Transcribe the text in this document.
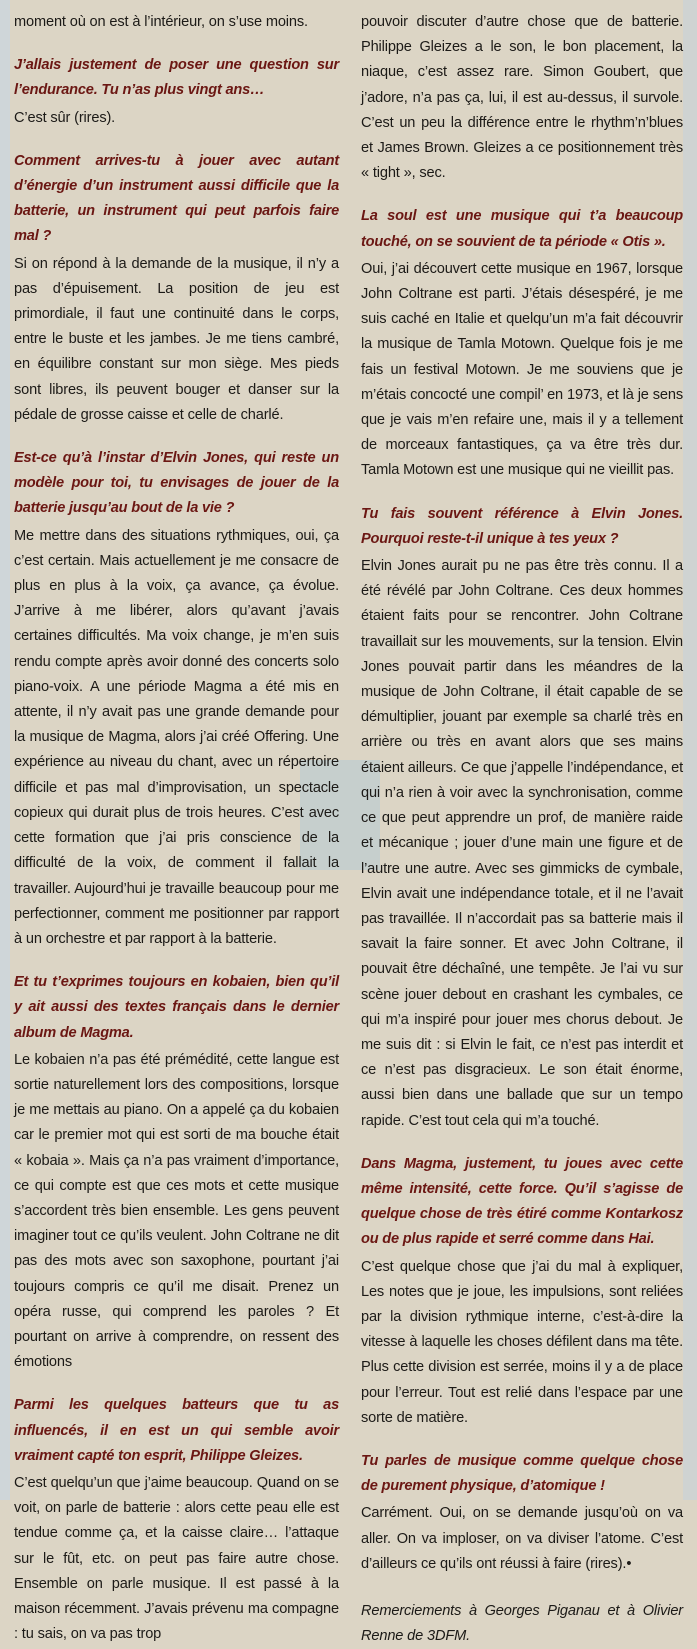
moment où on est à l’intérieur, on s’use moins.

J’allais justement de poser une question sur l’endurance. Tu n’as plus vingt ans…

C’est sûr (rires).

Comment arrives-tu à jouer avec autant d’énergie d’un instrument aussi difficile que la batterie, un instrument qui peut parfois faire mal ?

Si on répond à la demande de la musique, il n’y a pas d’épuisement. La position de jeu est primordiale, il faut une continuité dans le corps, entre le buste et les jambes. Je me tiens cambré, en équilibre constant sur mon siège. Mes pieds sont libres, ils peuvent bouger et danser sur la pédale de grosse caisse et celle de charlé.

Est-ce qu’à l’instar d’Elvin Jones, qui reste un modèle pour toi, tu envisages de jouer de la batterie jusqu’au bout de la vie ?

Me mettre dans des situations rythmiques, oui, ça c’est certain. Mais actuellement je me consacre de plus en plus à la voix, ça avance, ça évolue. J’arrive à me libérer, alors qu’avant j’avais certaines difficultés. Ma voix change, je m’en suis rendu compte après avoir donné des concerts solo piano-voix. A une période Magma a été mis en attente, il n’y avait pas une grande demande pour la musique de Magma, alors j’ai créé Offering. Une expérience au niveau du chant, avec un répertoire difficile et pas mal d’improvisation, un spectacle copieux qui durait plus de trois heures. C’est avec cette formation que j’ai pris conscience de la difficulté de la voix, de comment il fallait la travailler. Aujourd’hui je travaille beaucoup pour me perfectionner, comment me positionner par rapport à un orchestre et par rapport à la batterie.

Et tu t’exprimes toujours en kobaien, bien qu’il y ait aussi des textes français dans le dernier album de Magma.

Le kobaien n’a pas été prémédité, cette langue est sortie naturellement lors des compositions, lorsque je me mettais au piano. On a appelé ça du kobaien car le premier mot qui est sorti de ma bouche était « kobaia ». Mais ça n’a pas vraiment d’importance, ce qui compte est que ces mots et cette musique s’accordent très bien ensemble. Les gens peuvent imaginer tout ce qu’ils veulent. John Coltrane ne dit pas des mots avec son saxophone, pourtant j’ai toujours compris ce qu’il me disait. Prenez un opéra russe, qui comprend les paroles ? Et pourtant on arrive à comprendre, on ressent des émotions

Parmi les quelques batteurs que tu as influencés, il en est un qui semble avoir vraiment capté ton esprit, Philippe Gleizes.

C’est quelqu’un que j’aime beaucoup. Quand on se voit, on parle de batterie : alors cette peau elle est tendue comme ça, et la caisse claire… l’attaque sur le fût, etc. on peut pas faire autre chose. Ensemble on parle musique. Il est passé à la maison récemment. J’avais prévenu ma compagne : tu sais, on va pas trop

pouvoir discuter d’autre chose que de batterie. Philippe Gleizes a le son, le bon placement, la niaque, c’est assez rare. Simon Goubert, que j’adore, n’a pas ça, lui, il est au-dessus, il survole. C’est un peu la différence entre le rhythm’n’blues et James Brown. Gleizes a ce positionnement très « tight », sec.

La soul est une musique qui t’a beaucoup touché, on se souvient de ta période « Otis ».

Oui, j’ai découvert cette musique en 1967, lorsque John Coltrane est parti. J’étais désespéré, je me suis caché en Italie et quelqu’un m’a fait découvrir la musique de Tamla Motown. Quelque fois je me fais un festival Motown. Je me souviens que je m’étais concocté une compil’ en 1973, et là je sens que je vais m’en refaire une, mais il y a tellement de morceaux fantastiques, ça va être très dur. Tamla Motown est une musique qui ne vieillit pas.

Tu fais souvent référence à Elvin Jones. Pourquoi reste-t-il unique à tes yeux ?

Elvin Jones aurait pu ne pas être très connu. Il a été révélé par John Coltrane. Ces deux hommes étaient faits pour se rencontrer. John Coltrane travaillait sur les mouvements, sur la tension. Elvin Jones pouvait partir dans les méandres de la musique de John Coltrane, il était capable de se démultiplier, jouant par exemple sa charlé très en arrière ou très en avant alors que ses mains étaient ailleurs. Ce que j’appelle l’indépendance, et qui n’a rien à voir avec la synchronisation, comme ce que peut apprendre un prof, de manière raide et mécanique ; jouer d’une main une figure et de l’autre une autre. Avec ses gimmicks de cymbale, Elvin avait une indépendance totale, et il ne l’avait pas travaillée. Il n’accordait pas sa batterie mais il savait la faire sonner. Et avec John Coltrane, il pouvait être déchaîné, une tempête. Je l’ai vu sur scène jouer debout en crashant les cymbales, ce qui m’a inspiré pour jouer mes chorus debout. Je me suis dit : si Elvin le fait, ce n’est pas interdit et ce n’est pas disgracieux. Le son était énorme, aussi bien dans une ballade que sur un tempo rapide. C’est tout cela qui m’a touché.

Dans Magma, justement, tu joues avec cette même intensité, cette force. Qu’il s’agisse de quelque chose de très étiré comme Kontarkosz ou de plus rapide et serré comme dans Hai.

C’est quelque chose que j’ai du mal à expliquer, Les notes que je joue, les impulsions, sont reliées par la division rythmique interne, c’est-à-dire la vitesse à laquelle les choses défilent dans ma tête. Plus cette division est serrée, moins il y a de place pour l’erreur. Tout est relié dans l’espace par une sorte de matière.

Tu parles de musique comme quelque chose de purement physique, d’atomique !

Carrément. Oui, on se demande jusqu’où on va aller. On va imploser, on va diviser l’atome. C’est d’ailleurs ce qu’ils ont réussi à faire (rires).•

Remerciements à Georges Piganau et à Olivier Renne de 3DFM.
